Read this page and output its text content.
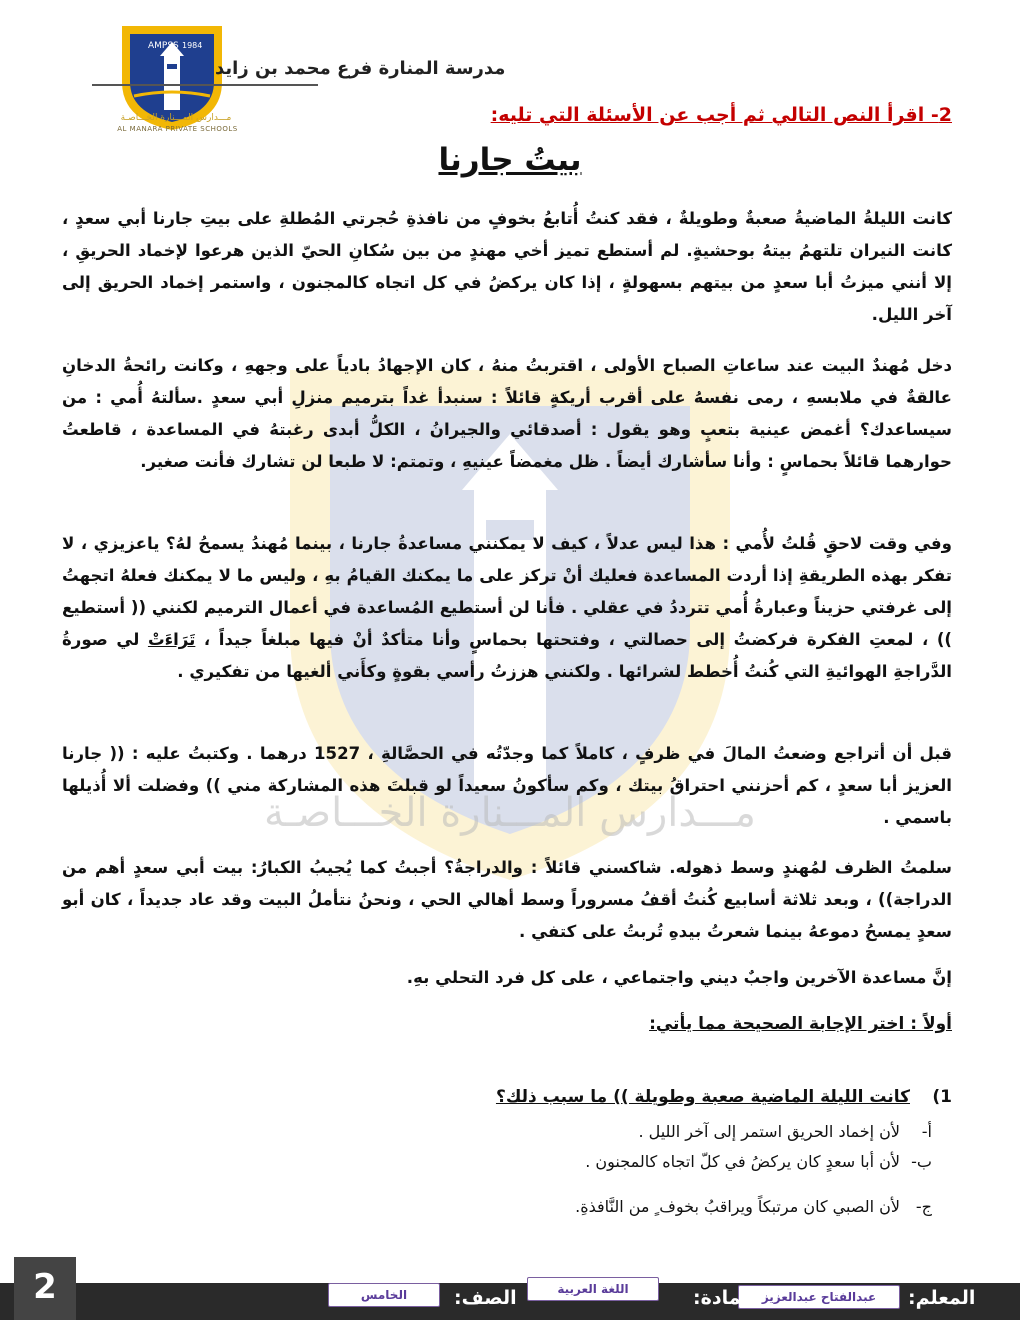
مـــدارس المـــنارة الخـــاصـة
AMPSS 1984
مدرسة المنارة فرع محمد بن زايد
مـــدارس المـــنارة الخـــاصـة
AL MANARA PRIVATE SCHOOLS
2- اقرأ النص التالي ثم أجب عن الأسئلة التي تليه:
بيتُ جارنا
كانت الليلةُ الماضيةُ صعبةٌ وطويلةٌ ، فقد كنتُ أُتابعُ بخوفٍ من نافذةِ حُجرتي المُطلةِ على بيتِ جارنا أبي سعدٍ ، كانت النيران تلتهمُ بيتهُ بوحشيةٍ. لم أستطع تميز أخي مهندٍ من بين سُكانِ الحيّ الذين هرعوا لإخماد الحريقِ ، إلا أنني ميزتُ أبا سعدٍ من بيتهم بسهولةٍ ، إذا كان يركضُ في كل اتجاه كالمجنون ، واستمر إخماد الحريق إلى آخر الليل.
دخل مُهندٌ البيت عند ساعاتِ الصباح الأولى ، اقتربتُ منهُ ، كان الإجهادُ بادياً على وجههِ ، وكانت رائحةُ الدخانِ عالقةٌ في ملابسهِ ، رمى نفسهُ على أقرب أريكةٍ قائلاً : سنبدأ غداً بترميم منزلِ أبي سعدٍ .سألتهُ أُمي : من سيساعدك؟ أغمض عينية بتعبٍ وهو يقول : أصدقائي والجيرانُ ، الكلُّ أبدى رغبتهُ في المساعدة ، قاطعتُ حوارهما قائلاً بحماسٍ : وأنا سأشارك أيضاً . ظل مغمضاً عينيهِ ، وتمتم: لا طبعا لن تشارك فأنت صغير.
وفي وقت لاحقٍ قُلتُ لأُمي : هذا ليس عدلاً ، كيف لا يمكنني مساعدةُ جارنا ، بينما مُهندُ يسمحُ لهُ؟ ياعزيزي ، لا تفكر بهذه الطريقةِ إذا أردت المساعدة فعليك أنْ تركز على ما يمكنك القيامُ بهِ ، وليس ما لا يمكنك فعلهُ اتجهتُ إلى غرفتي حزيناً وعبارةُ أُمي تترددُ في عقلي . فأنا لن أستطيع المُساعدة في أعمال الترميم لكنني (( أستطيع )) ، لمعتِ الفكرة فركضتُ إلى حصالتي ، وفتحتها بحماسٍ وأنا متأكدٌ أنْ فيها مبلغاً جيداً ، تَرَاءَتْ لي صورةُ الدَّراجةِ الهوائيةِ التي كُنتُ أُخطط لشرائها . ولكنني هززتُ رأسي بقوةٍ وكأَني ألغيها من تفكيري .
قبل أن أتراجع وضعتُ المالَ في ظرفٍ ، كاملاً كما وجدّتُه في الحصَّالةِ ، 1527 درهما . وكتبتُ عليه : (( جارنا العزيز أبا سعدٍ ، كم أحزنني احتراقُ بيتك ، وكم سأكونُ سعيداً لو قبلتَ هذه المشاركة مني )) وفضلت ألا أُذيلها باسمي .
سلمتُ الظرف لمُهندٍ وسط ذهوله. شاكسني قائلاً : والدراجةُ؟ أجبتُ كما يُجيبُ الكبارُ: بيت أبي سعدٍ أهم من الدراجة)) ، وبعد ثلاثة أسابيع كُنتُ أقفُ مسروراً وسط أهالي الحي ، ونحنُ نتأملُ البيت وقد عاد جديداً ، كان أبو سعدٍ يمسحُ دموعهُ بينما شعرتُ بيدهِ تُربتُ على كتفي .
إنَّ مساعدة الآخرين واجبٌ ديني واجتماعي ، على كل فرد التحلي بهِ.
أولاً : اختر الإجابة الصحيحة مما يأتي:
1)كانت الليلة الماضية صعبة وطويلة )) ما سبب ذلك؟
أ-لأن إخماد الحريق استمر إلى آخر الليل .
ب-لأن أبا سعدٍ كان يركضُ في كلّ اتجاه كالمجنون .
ج-لأن الصبي كان مرتبكاً ويراقبُ بخوف ٍ من النَّافذةِ.
2	المعلم:
عبدالفتاح عبدالعزيز
المادة:
اللغة العربية
الصف:
الخامس
